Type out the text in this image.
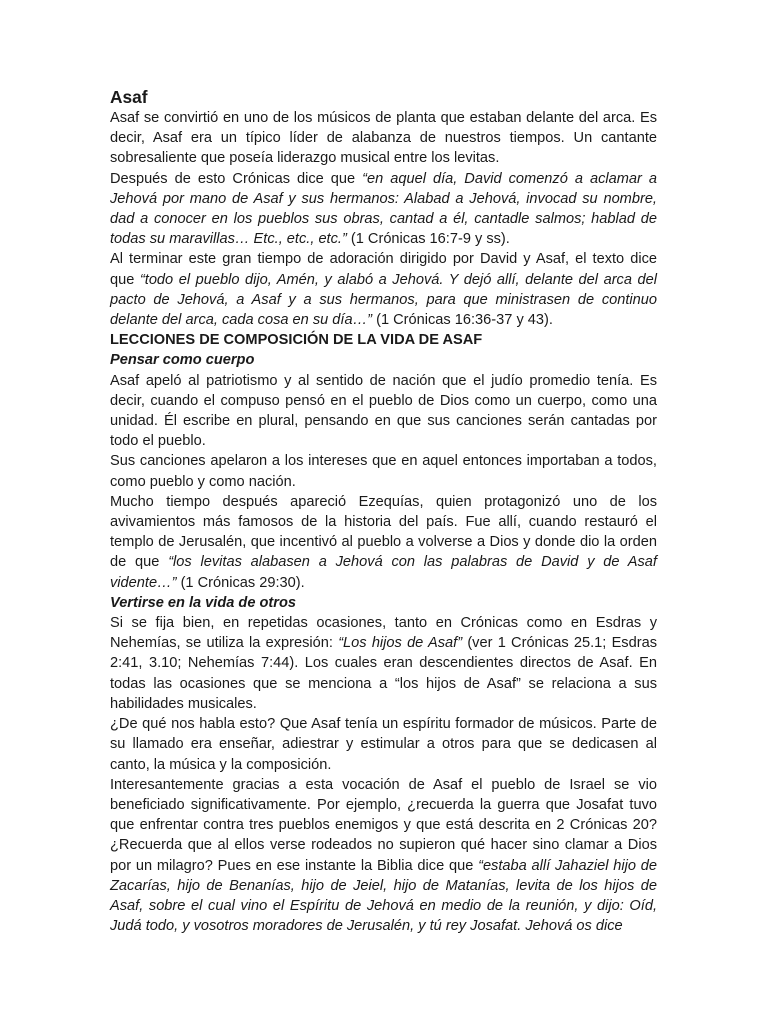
Asaf

Asaf se convirtió en uno de los músicos de planta que estaban delante del arca. Es decir, Asaf era un típico líder de alabanza de nuestros tiempos. Un cantante sobresaliente que poseía liderazgo musical entre los levitas.

Después de esto Crónicas dice que “en aquel día, David comenzó a aclamar a Jehová por mano de Asaf y sus hermanos: Alabad a Jehová, invocad su nombre, dad a conocer en los pueblos sus obras, cantad a él, cantadle salmos; hablad de todas su maravillas… Etc., etc., etc.” (1 Crónicas 16:7-9 y ss).

Al terminar este gran tiempo de adoración dirigido por David y Asaf, el texto dice que “todo el pueblo dijo, Amén, y alabó a Jehová. Y dejó allí, delante del arca del pacto de Jehová, a Asaf y a sus hermanos, para que ministrasen de continuo delante del arca, cada cosa en su día…” (1 Crónicas 16:36-37 y 43).

LECCIONES DE COMPOSICIÓN DE LA VIDA DE ASAF

Pensar como cuerpo

Asaf apeló al patriotismo y al sentido de nación que el judío promedio tenía. Es decir, cuando el compuso pensó en el pueblo de Dios como un cuerpo, como una unidad. Él escribe en plural, pensando en que sus canciones serán cantadas por todo el pueblo.

Sus canciones apelaron a los intereses que en aquel entonces importaban a todos, como pueblo y como nación.

Mucho tiempo después apareció Ezequías, quien protagonizó uno de los avivamientos más famosos de la historia del país. Fue allí, cuando restauró el templo de Jerusalén, que incentivó al pueblo a volverse a Dios y donde dio la orden de que “los levitas alabasen a Jehová con las palabras de David y de Asaf vidente…” (1 Crónicas 29:30).

Vertirse en la vida de otros

Si se fija bien, en repetidas ocasiones, tanto en Crónicas como en Esdras y Nehemías, se utiliza la expresión: “Los hijos de Asaf” (ver 1 Crónicas 25.1; Esdras 2:41, 3.10; Nehemías 7:44). Los cuales eran descendientes directos de Asaf. En todas las ocasiones que se menciona a “los hijos de Asaf” se relaciona a sus habilidades musicales.

¿De qué nos habla esto? Que Asaf tenía un espíritu formador de músicos. Parte de su llamado era enseñar, adiestrar y estimular a otros para que se dedicasen al canto, la música y la composición.

Interesantemente gracias a esta vocación de Asaf el pueblo de Israel se vio beneficiado significativamente. Por ejemplo, ¿recuerda la guerra que Josafat tuvo que enfrentar contra tres pueblos enemigos y que está descrita en 2 Crónicas 20? ¿Recuerda que al ellos verse rodeados no supieron qué hacer sino clamar a Dios por un milagro? Pues en ese instante la Biblia dice que “estaba allí Jahaziel hijo de Zacarías, hijo de Benanías, hijo de Jeiel, hijo de Matanías, levita de los hijos de Asaf, sobre el cual vino el Espíritu de Jehová en medio de la reunión, y dijo: Oíd, Judá todo, y vosotros moradores de Jerusalén, y tú rey Josafat. Jehová os dice
